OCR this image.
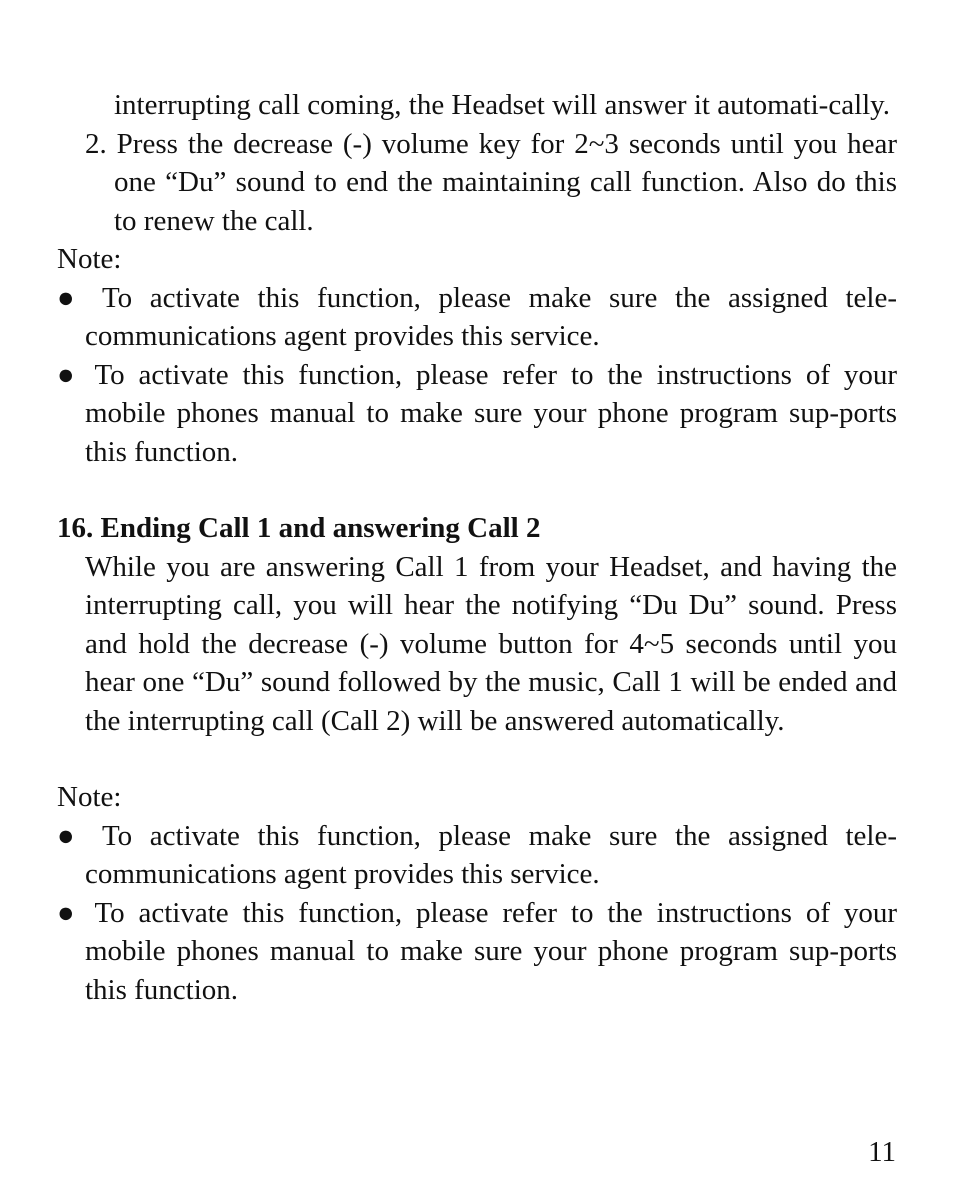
interrupting call coming, the Headset will answer it automati-cally.

2. Press the decrease (-) volume key for 2~3 seconds until you hear one “Du” sound to end the maintaining call function. Also do this to renew the call.

Note:

● To activate this function, please make sure the assigned tele-communications agent provides this service.

● To activate this function, please refer to the instructions of your mobile phones manual to make sure your phone program sup-ports this function.

16. Ending Call 1 and answering Call 2

While you are answering Call 1 from your Headset, and having the interrupting call, you will hear the notifying “Du Du” sound. Press and hold the decrease (-) volume button for 4~5 seconds until you hear one “Du” sound followed by the music, Call 1 will be ended and the interrupting call (Call 2) will be answered automatically.

Note:

● To activate this function, please make sure the assigned tele-communications agent provides this service.

● To activate this function, please refer to the instructions of your mobile phones manual to make sure your phone program sup-ports this function.

11
